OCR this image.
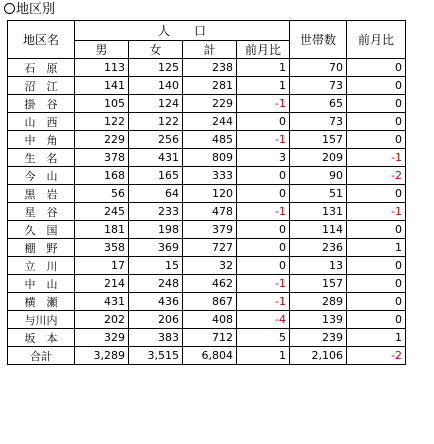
地区別
地区名	人　　口				世帯数	前月比
	男	女	計	前月比		
石　原	113	125	238	1	70	0
沼　江	141	140	281	1	73	0
掛　谷	105	124	229	-1	65	0
山　西	122	122	244	0	73	0
中　角	229	256	485	-1	157	0
生　名	378	431	809	3	209	-1
今　山	168	165	333	0	90	-2
黒　岩	56	64	120	0	51	0
星　谷	245	233	478	-1	131	-1
久　国	181	198	379	0	114	0
棚　野	358	369	727	0	236	1
立　川	17	15	32	0	13	0
中　山	214	248	462	-1	157	0
横　瀬	431	436	867	-1	289	0
与川内	202	206	408	-4	139	0
坂　本	329	383	712	5	239	1
合計	3,289	3,515	6,804	1	2,106	-2
